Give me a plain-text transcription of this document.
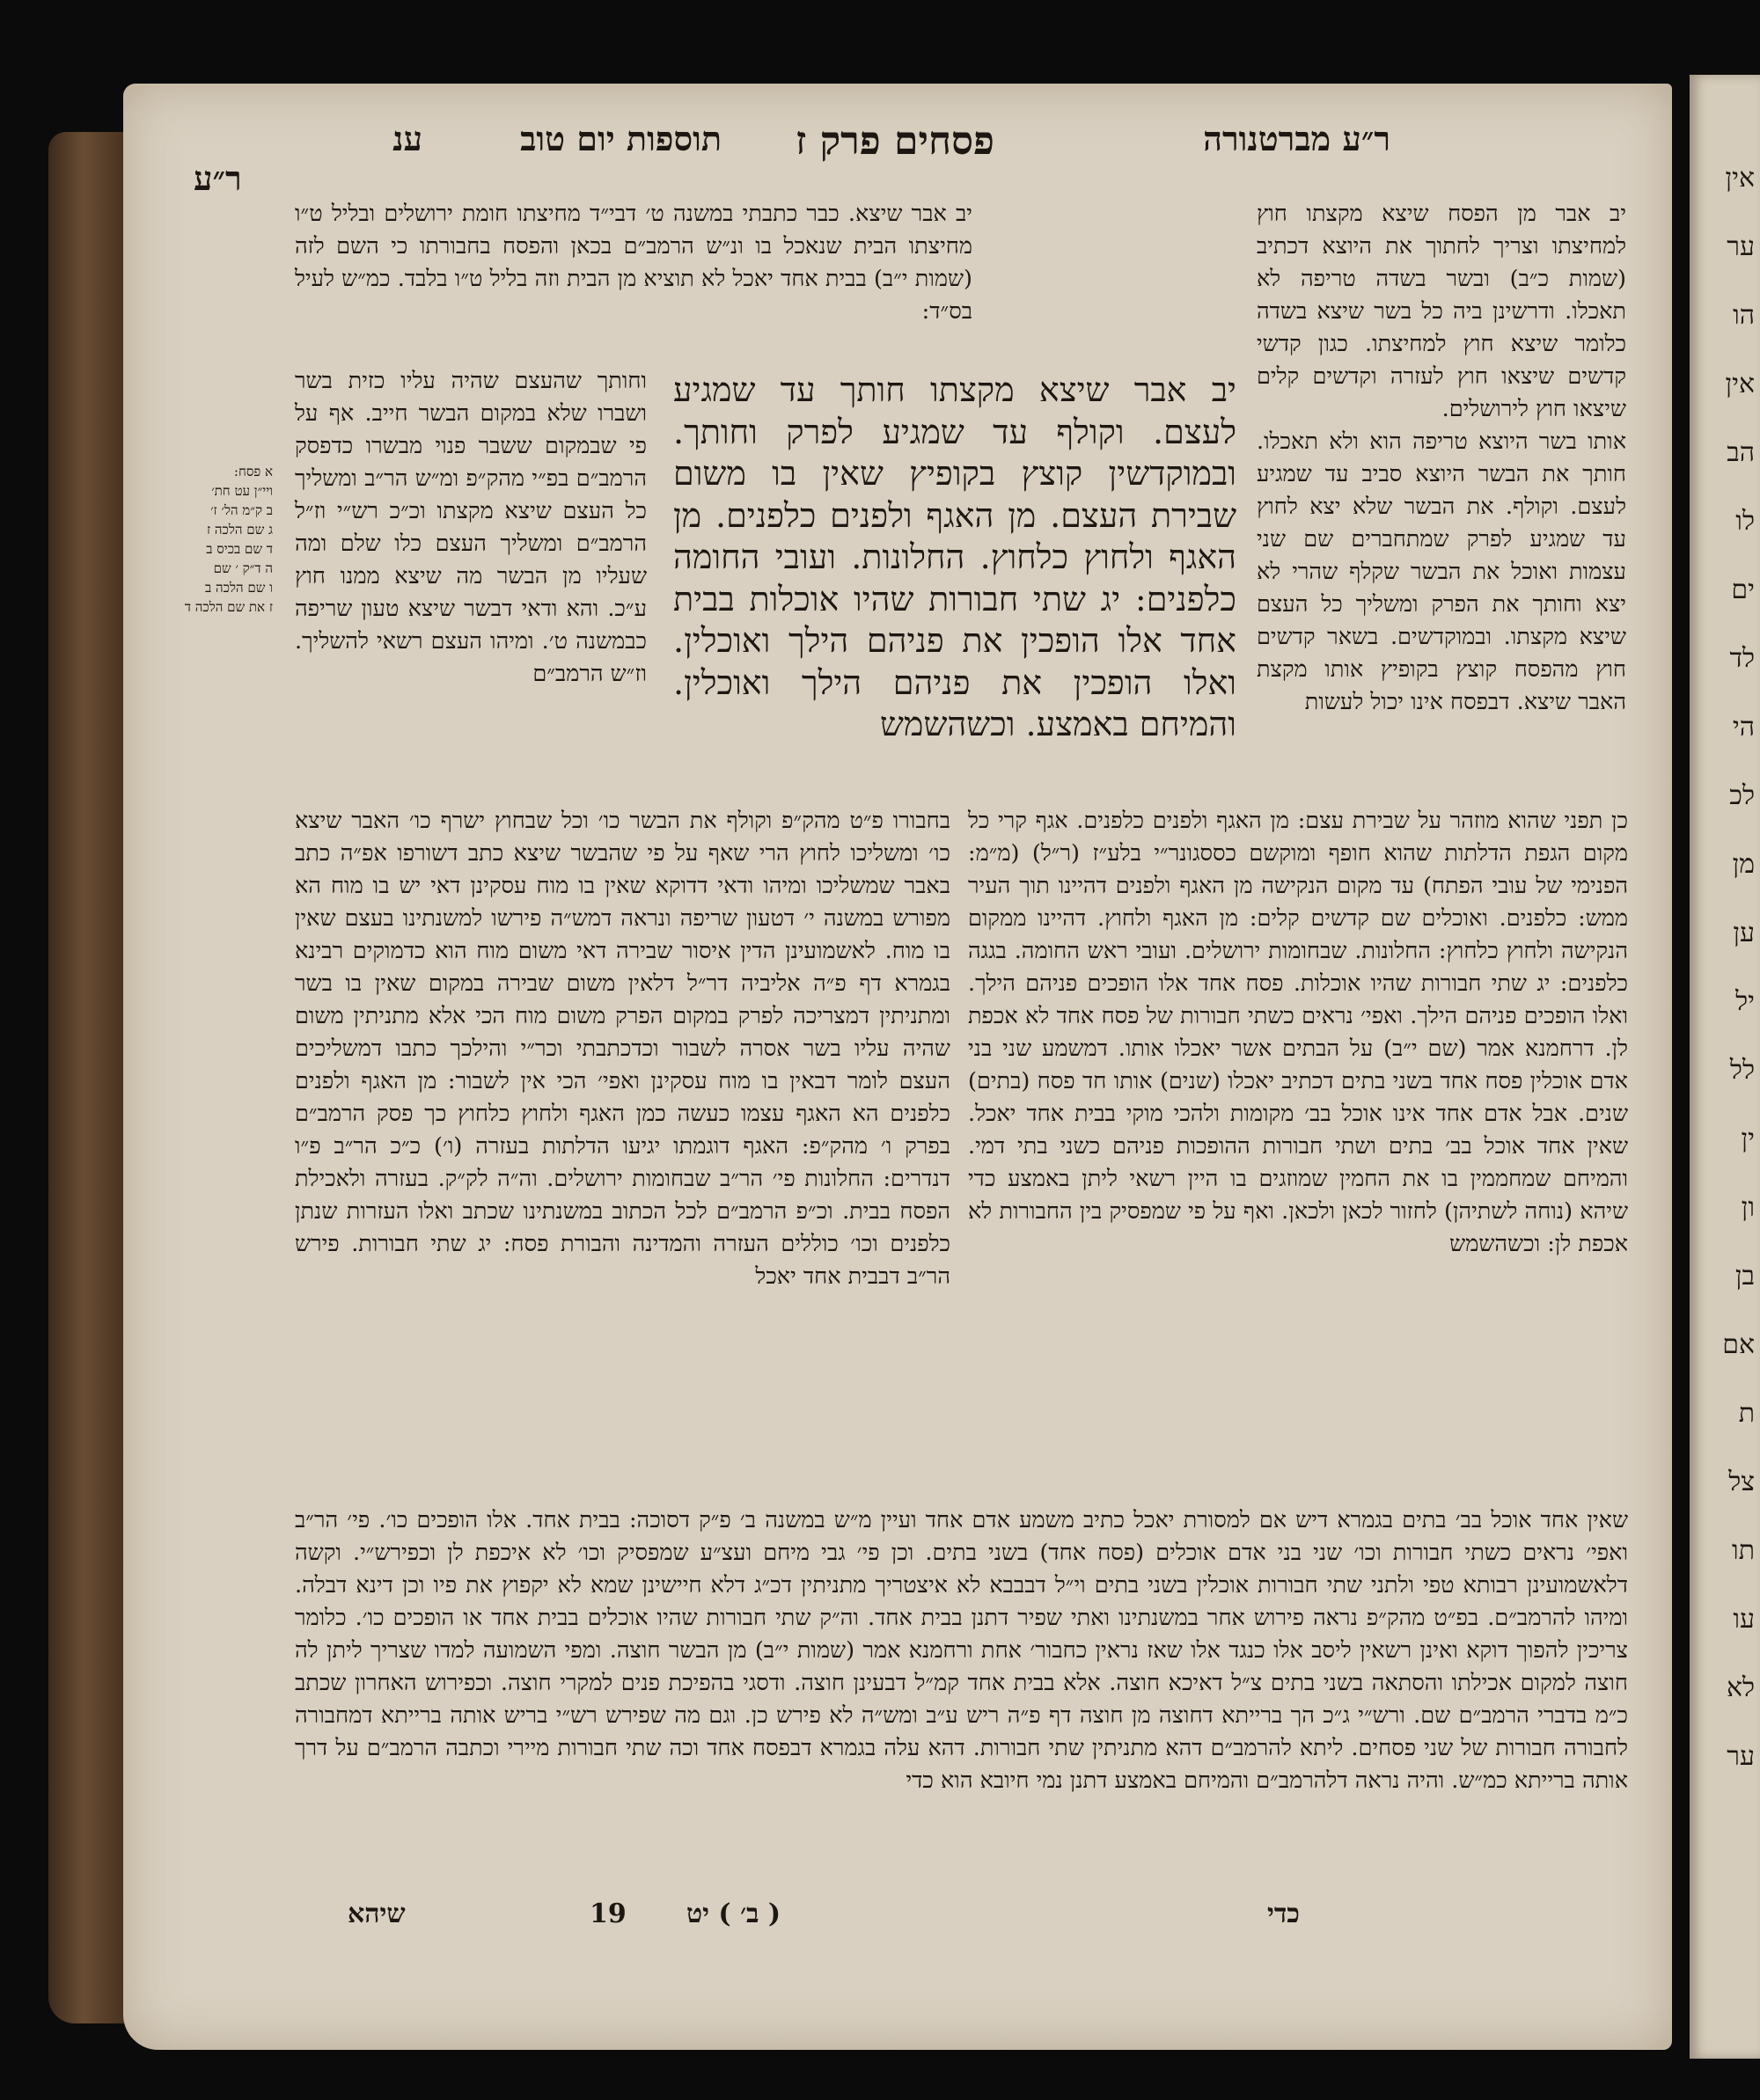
אין
ער
הו
אין
הב
לו
ים
לד
הי
לכ
מן
ען
יל
לל
ין
ון
בן
אם
ת
צל
תו
עו
לא
ער
ר״ע מברטנורה
פסחים פרק ז
תוספות יום טוב
ענ
ר״ע

יב אבר מן הפסח שיצא מקצתו חוץ למחיצתו וצריך לחתוך את היוצא דכתיב (שמות כ״ב) ובשר בשדה טריפה לא תאכלו. ודרשינן ביה כל בשר שיצא בשדה כלומר שיצא חוץ למחיצתו. כגון קדשי קדשים שיצאו חוץ לעזרה וקדשים קלים שיצאו חוץ לירושלים.

אותו בשר היוצא טריפה הוא ולא תאכלו. חותך את הבשר היוצא סביב עד שמגיע לעצם. וקולף. את הבשר שלא יצא לחוץ עד שמגיע לפרק שמתחברים שם שני עצמות ואוכל את הבשר שקלף שהרי לא יצא וחותך את הפרק ומשליך כל העצם שיצא מקצתו. ובמוקדשים. בשאר קדשים חוץ מהפסח קוצץ בקופיץ אותו מקצת האבר שיצא. דבפסח אינו יכול לעשות

יב אבר שיצא. כבר כתבתי במשנה ט׳ דבי״ד מחיצתו חומת ירושלים ובליל ט״ו מחיצתו הבית שנאכל בו ונ״ש הרמב״ם בכאן והפסח בחבורתו כי השם לזה (שמות י״ב) בבית אחד יאכל לא תוציא מן הבית וזה בליל ט״ו בלבד. כמ״ש לעיל בס״ד:

וחותך שהעצם שהיה עליו כזית בשר ושברו שלא במקום הבשר חייב. אף על פי שבמקום ששבר פנוי מבשרו כדפסק הרמב״ם בפ״י מהק״פ ומ״ש הר״ב ומשליך כל העצם שיצא מקצתו וכ״כ רש״י וז״ל הרמב״ם ומשליך העצם כלו שלם ומה שעליו מן הבשר מה שיצא ממנו חוץ ע״כ. והא ודאי דבשר שיצא טעון שריפה כבמשנה ט׳. ומיהו העצם רשאי להשליך. וז״ש הרמב״ם

א פסח:
ויי״ן עט חת׳
ב ק״מ הל׳ ז׳
ג שם הלכה ז
ד שם בכיס ב
ה ד״ק ׳ שם
ו שם הלכה ב
ז את שם הלכה ד

יב אבר שיצא מקצתו חותך עד שמגיע לעצם. וקולף עד שמגיע לפרק וחותך. ובמוקדשין קוצץ בקופיץ שאין בו משום שבירת העצם. מן האגף ולפנים כלפנים. מן האגף ולחוץ כלחוץ. החלונות. ועובי החומה כלפנים: יג שתי חבורות שהיו אוכלות בבית אחד אלו הופכין את פניהם הילך ואוכלין. ואלו הופכין את פניהם הילך ואוכלין. והמיחם באמצע. וכשהשמש

כן תפני שהוא מוזהר על שבירת עצם: מן האגף ולפנים כלפנים. אגף קרי כל מקום הגפת הדלתות שהוא חופף ומוקשם כססגונר״י בלע״ז (ר״ל) (מ״מ: הפנימי של עובי הפתח) עד מקום הנקישה מן האגף ולפנים דהיינו תוך העיר ממש: כלפנים. ואוכלים שם קדשים קלים: מן האגף ולחוץ. דהיינו ממקום הנקישה ולחוץ כלחוץ: החלונות. שבחומות ירושלים. ועובי ראש החומה. בגגה כלפנים: יג שתי חבורות שהיו אוכלות. פסח אחד אלו הופכים פניהם הילך. ואלו הופכים פניהם הילך. ואפי׳ נראים כשתי חבורות של פסח אחד לא אכפת לן. דרחמנא אמר (שם י״ב) על הבתים אשר יאכלו אותו. דמשמע שני בני אדם אוכלין פסח אחד בשני בתים דכתיב יאכלו (שנים) אותו חד פסח (בתים) שנים. אבל אדם אחד אינו אוכל בב׳ מקומות ולהכי מוקי בבית אחד יאכל. שאין אחד אוכל בב׳ בתים ושתי חבורות ההופכות פניהם כשני בתי דמי. והמיחם שמחממין בו את החמין שמוזגים בו היין רשאי ליתן באמצע כדי שיהא (נוחה לשתיהן) לחזור לכאן ולכאן. ואף על פי שמפסיק בין החבורות לא אכפת לן: וכשהשמש

בחבורו פ״ט מהק״פ וקולף את הבשר כו׳ וכל שבחוץ ישרף כו׳ האבר שיצא כו׳ ומשליכו לחוץ הרי שאף על פי שהבשר שיצא כתב דשורפו אפ״ה כתב באבר שמשליכו ומיהו ודאי דדוקא שאין בו מוח עסקינן דאי יש בו מוח הא מפורש במשנה י׳ דטעון שריפה ונראה דמש״ה פירשו למשנתינו בעצם שאין בו מוח. לאשמועינן הדין איסור שבירה דאי משום מוח הוא כדמוקים רבינא בגמרא דף פ״ה אליביה דר״ל דלאין משום שבירה במקום שאין בו בשר ומתניתין דמצריכה לפרק במקום הפרק משום מוח הכי אלא מתניתין משום שהיה עליו בשר אסרה לשבור וכדכתבתי וכר״י והילכך כתבו דמשליכים העצם לומר דבאין בו מוח עסקינן ואפי׳ הכי אין לשבור: מן האגף ולפנים כלפנים הא האגף עצמו כעשה כמן האגף ולחוץ כלחוץ כך פסק הרמב״ם בפרק ו׳ מהק״פ: האגף דוגמתו יגיעו הדלתות בעזרה (ו׳) כ״כ הר״ב פ״ו דנדרים: החלונות פי׳ הר״ב שבחומות ירושלים. וה״ה לק״ק. בעזרה ולאכילת הפסח בבית. וכ״פ הרמב״ם לכל הכתוב במשנתינו שכתב ואלו העזרות שנתן כלפנים וכו׳ כוללים העזרה והמדינה והבורת פסח: יג שתי חבורות. פירש הר״ב דבבית אחד יאכל

שאין אחד אוכל בב׳ בתים בגמרא דיש אם למסורת יאכל כתיב משמע אדם אחד ועיין מ״ש במשנה ב׳ פ״ק דסוכה: בבית אחד. אלו הופכים כו׳. פי׳ הר״ב ואפי׳ נראים כשתי חבורות וכו׳ שני בני אדם אוכלים (פסח אחד) בשני בתים. וכן פי׳ גבי מיחם ועצ״ע שמפסיק וכו׳ לא איכפת לן וכפירש״י. וקשה דלאשמועינן רבותא טפי ולתני שתי חבורות אוכלין בשני בתים וי״ל דבבבא לא איצטריך מתניתין דכ״ג דלא חיישינן שמא לא יקפוץ את פיו וכן דינא דבלה. ומיהו להרמב״ם. בפ״ט מהק״פ נראה פירוש אחר במשנתינו ואתי שפיר דתנן בבית אחד. וה״ק שתי חבורות שהיו אוכלים בבית אחד או הופכים כו׳. כלומר צריכין להפוך דוקא ואינן רשאין ליסב אלו כנגד אלו שאז נראין כחבור׳ אחת ורחמנא אמר (שמות י״ב) מן הבשר חוצה. ומפי השמועה למדו שצריך ליתן לה חוצה למקום אכילתו והסתאה בשני בתים צ״ל דאיכא חוצה. אלא בבית אחד קמ״ל דבעינן חוצה. ודסגי בהפיכת פנים למקרי חוצה. וכפירוש האחרון שכתב כ״מ בדברי הרמב״ם שם. ורש״י ג״כ הך ברייתא דחוצה מן חוצה דף פ״ה ריש ע״ב ומש״ה לא פירש כן. וגם מה שפירש רש״י בריש אותה ברייתא דמחבורה לחבורה חבורות של שני פסחים. ליתא להרמב״ם דהא מתניתין שתי חבורות. דהא עלה בגמרא דבפסח אחד וכה שתי חבורות מיירי וכתבה הרמב״ם על דרך אותה ברייתא כמ״ש. והיה נראה דלהרמב״ם והמיחם באמצע דתנן נמי חיובא הוא כדי

19 ( ב׳ ) יט
שיהא	כדי
